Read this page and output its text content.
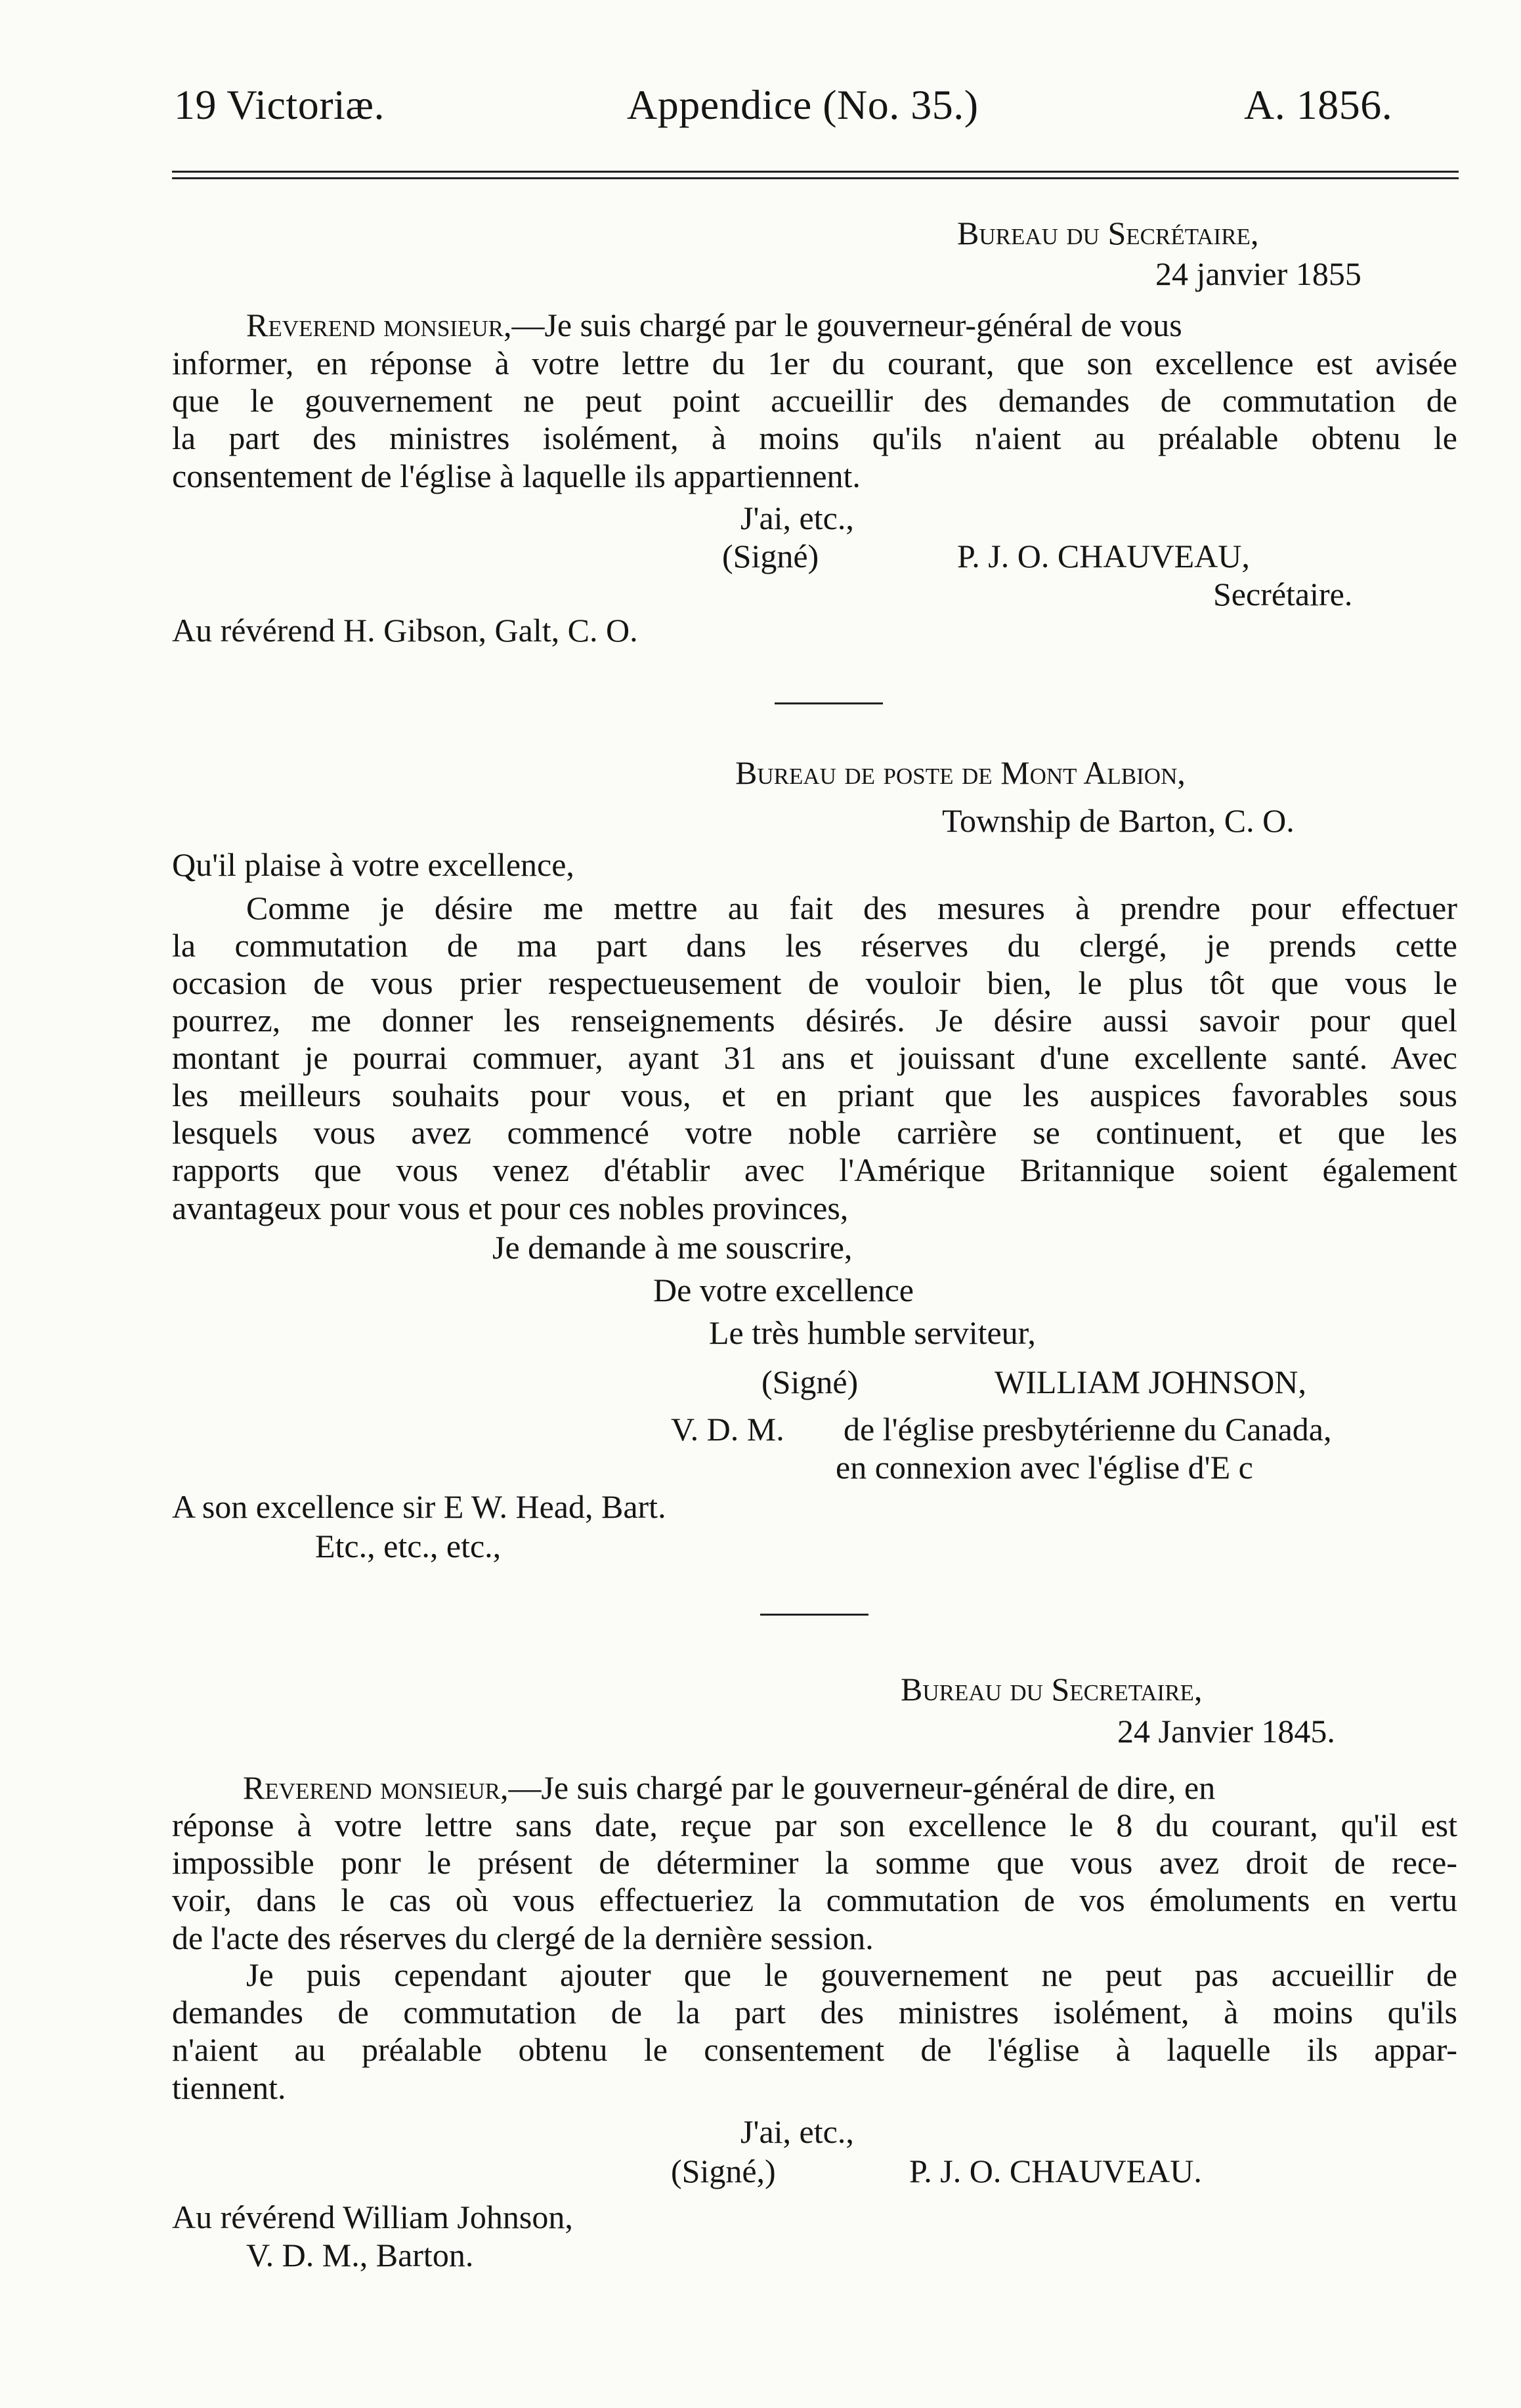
19 Victoriæ.	Appendice (No. 35.)	A. 1856.
Bureau du Secrétaire,
24 janvier 1855
Reverend monsieur,—Je suis chargé par le gouverneur-général de vous
informer, en réponse à votre lettre du 1er du courant, que son excellence est avisée
que le gouvernement ne peut point accueillir des demandes de commutation de
la part des ministres isolément, à moins qu'ils n'aient au préalable obtenu le
consentement de l'église à laquelle ils appartiennent.
J'ai, etc.,
(Signé)	P. J. O. CHAUVEAU,
Secrétaire.
Au révérend H. Gibson, Galt, C. O.
Bureau de poste de Mont Albion,
Township de Barton, C. O.
Qu'il plaise à votre excellence,
Comme je désire me mettre au fait des mesures à prendre pour effectuer
la commutation de ma part dans les réserves du clergé, je prends cette
occasion de vous prier respectueusement de vouloir bien, le plus tôt que vous le
pourrez, me donner les renseignements désirés. Je désire aussi savoir pour quel
montant je pourrai commuer, ayant 31 ans et jouissant d'une excellente santé. Avec
les meilleurs souhaits pour vous, et en priant que les auspices favorables sous
lesquels vous avez commencé votre noble carrière se continuent, et que les
rapports que vous venez d'établir avec l'Amérique Britannique soient également
avantageux pour vous et pour ces nobles provinces,
Je demande à me souscrire,
De votre excellence
Le très humble serviteur,
(Signé)	WILLIAM JOHNSON,
V. D. M. de l'église presbytérienne du Canada,
en connexion avec l'église d'E c
A son excellence sir E W. Head, Bart.
Etc., etc., etc.,
Bureau du Secretaire,
24 Janvier 1845.
Reverend monsieur,—Je suis chargé par le gouverneur-général de dire, en
réponse à votre lettre sans date, reçue par son excellence le 8 du courant, qu'il est
impossible ponr le présent de déterminer la somme que vous avez droit de rece-
voir, dans le cas où vous effectueriez la commutation de vos émoluments en vertu
de l'acte des réserves du clergé de la dernière session.
Je puis cependant ajouter que le gouvernement ne peut pas accueillir de
demandes de commutation de la part des ministres isolément, à moins qu'ils
n'aient au préalable obtenu le consentement de l'église à laquelle ils appar-
tiennent.
J'ai, etc.,
(Signé,)	P. J. O. CHAUVEAU.
Au révérend William Johnson,
V. D. M., Barton.
